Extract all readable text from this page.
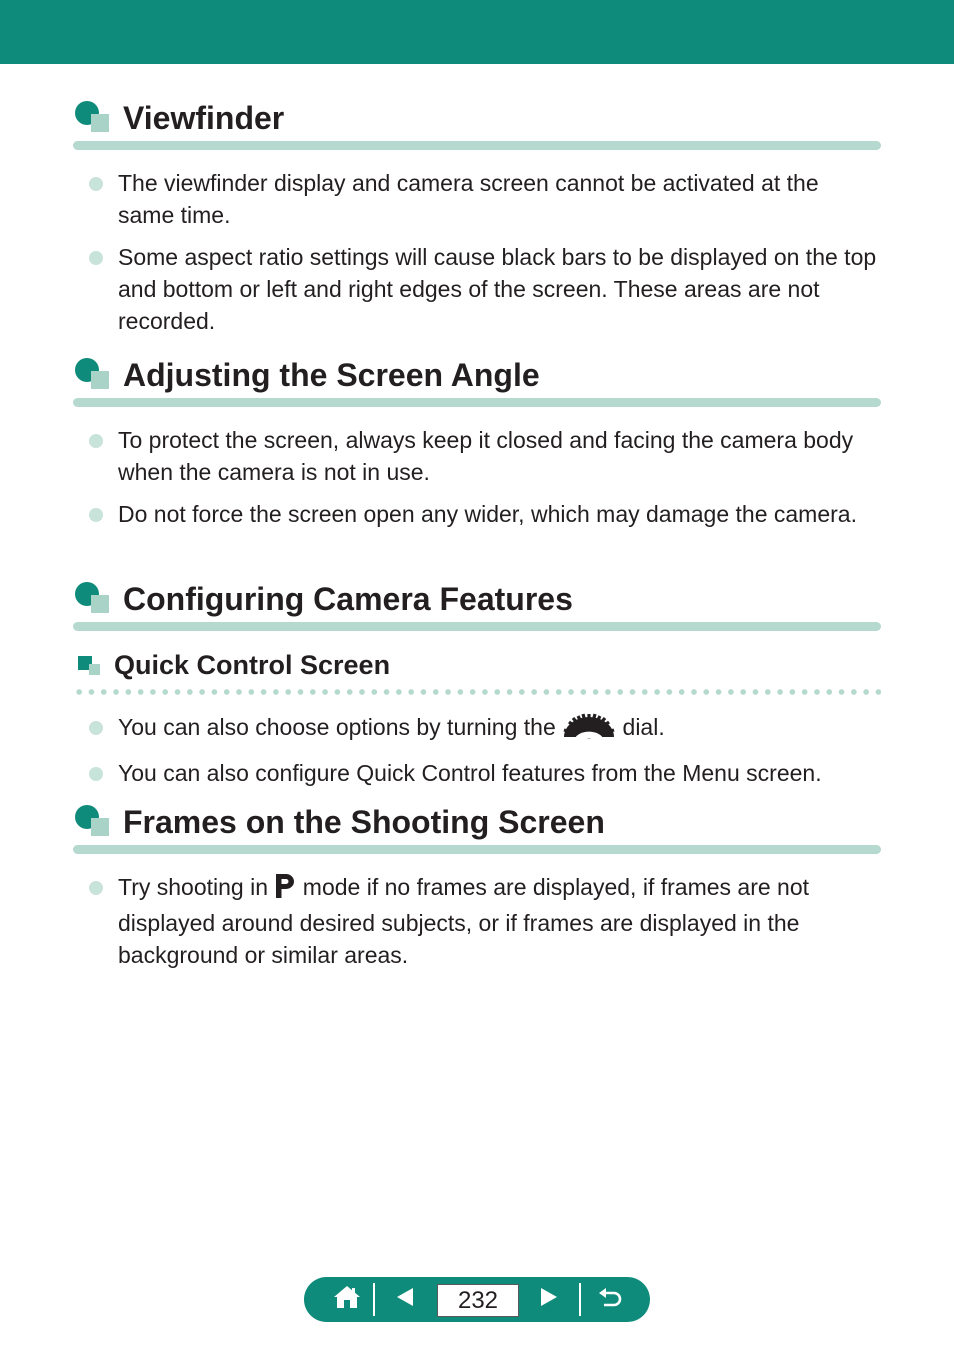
Viewfinder
The viewfinder display and camera screen cannot be activated at the same time.
Some aspect ratio settings will cause black bars to be displayed on the top and bottom or left and right edges of the screen. These areas are not recorded.
Adjusting the Screen Angle
To protect the screen, always keep it closed and facing the camera body when the camera is not in use.
Do not force the screen open any wider, which may damage the camera.
Configuring Camera Features
Quick Control Screen
You can also choose options by turning the	dial.
You can also configure Quick Control features from the Menu screen.
Frames on the Shooting Screen
Try shooting in mode if no frames are displayed, if frames are not displayed around desired subjects, or if frames are displayed in the background or similar areas.
232
